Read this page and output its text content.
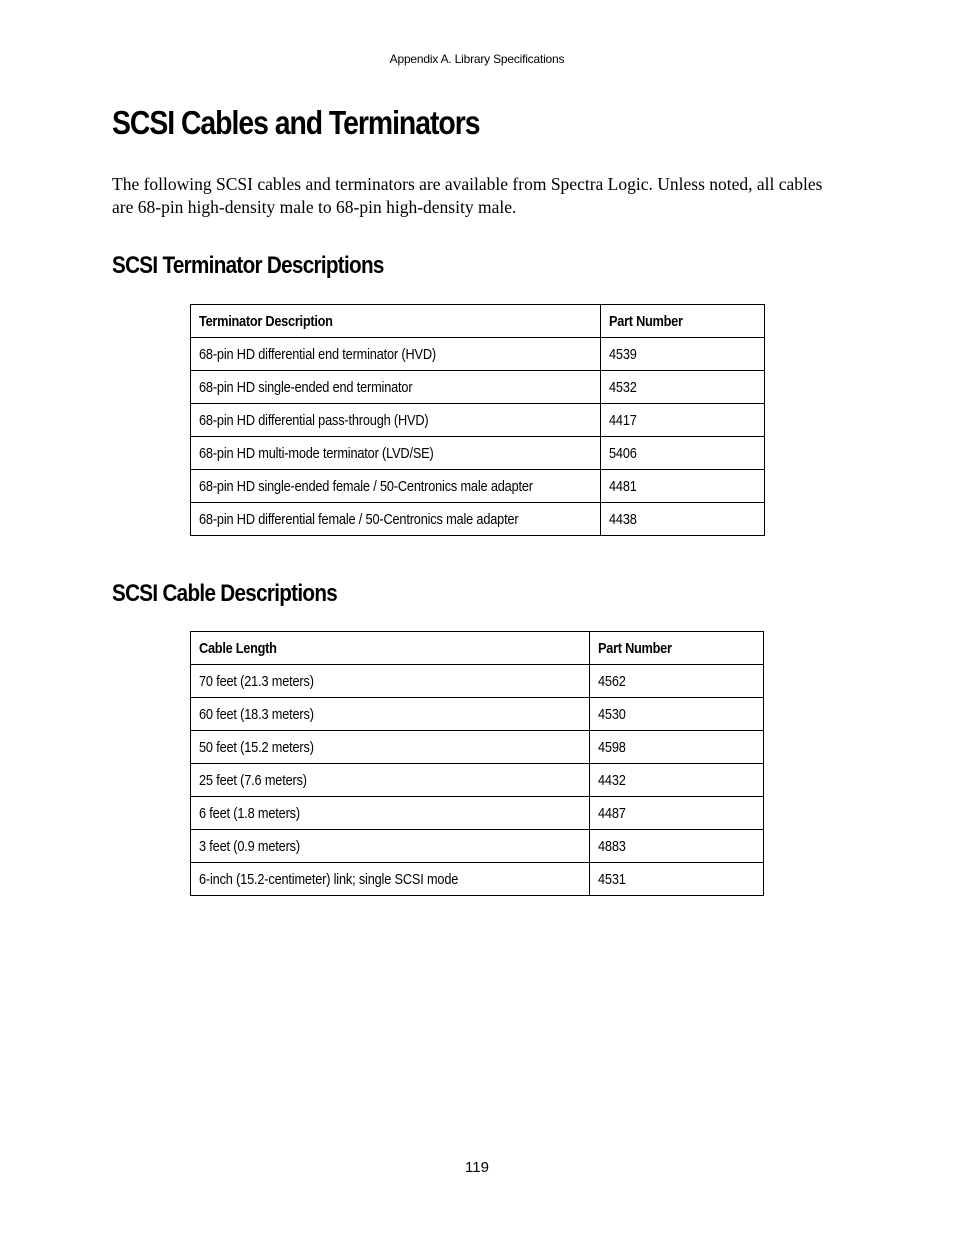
Appendix A. Library Specifications
SCSI Cables and Terminators

The following SCSI cables and terminators are available from Spectra Logic. Unless noted, all cables are 68-pin high-density male to 68-pin high-density male.

SCSI Terminator Descriptions
Terminator Description	Part Number
68-pin HD differential end terminator (HVD)	4539
68-pin HD single-ended end terminator	4532
68-pin HD differential pass-through (HVD)	4417
68-pin HD multi-mode terminator (LVD/SE)	5406
68-pin HD single-ended female / 50-Centronics male adapter	4481
68-pin HD differential female / 50-Centronics male adapter	4438
SCSI Cable Descriptions
Cable Length	Part Number
70 feet (21.3 meters)	4562
60 feet (18.3 meters)	4530
50 feet (15.2 meters)	4598
25 feet (7.6 meters)	4432
6 feet (1.8 meters)	4487
3 feet (0.9 meters)	4883
6-inch (15.2-centimeter) link; single SCSI mode	4531
119
